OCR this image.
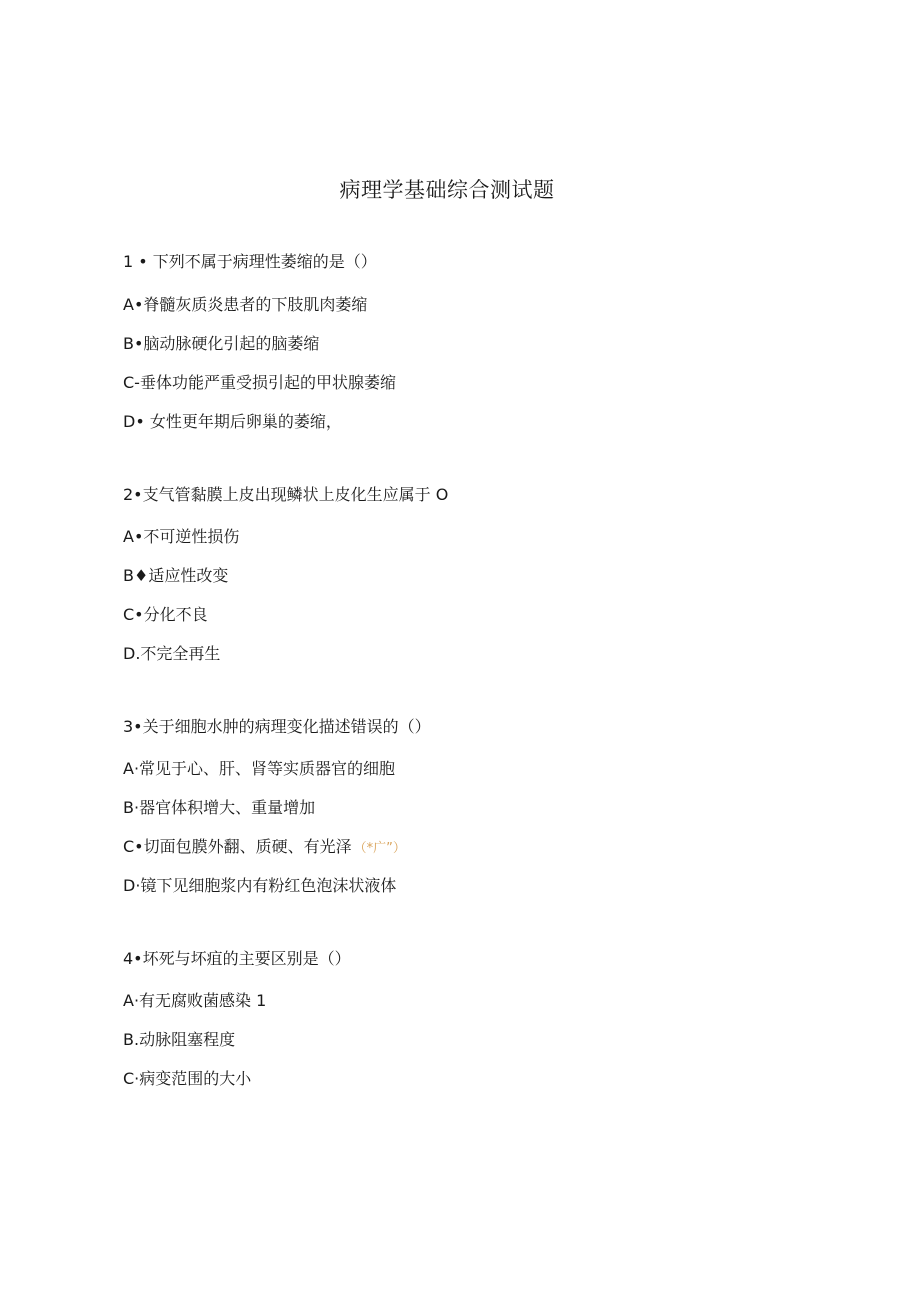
病理学基础综合测试题
1 • 下列不属于病理性萎缩的是（）
A•脊髓灰质炎患者的下肢肌肉萎缩
B•脑动脉硬化引起的脑萎缩
C-垂体功能严重受损引起的甲状腺萎缩
D• 女性更年期后卵巢的萎缩，
2•支气管黏膜上皮出现鳞状上皮化生应属于 O
A•不可逆性损伤
B♦适应性改变
C•分化不良
D.不完全再生
3•关于细胞水肿的病理变化描述错误的（）
A·常见于心、肝、肾等实质器官的细胞
B·器官体积增大、重量增加
C•切面包膜外翻、质硬、有光泽 （*广”）
D·镜下见细胞浆内有粉红色泡沫状液体
4•坏死与坏疽的主要区别是（）
A·有无腐败菌感染 1
B.动脉阻塞程度
C·病变范围的大小
